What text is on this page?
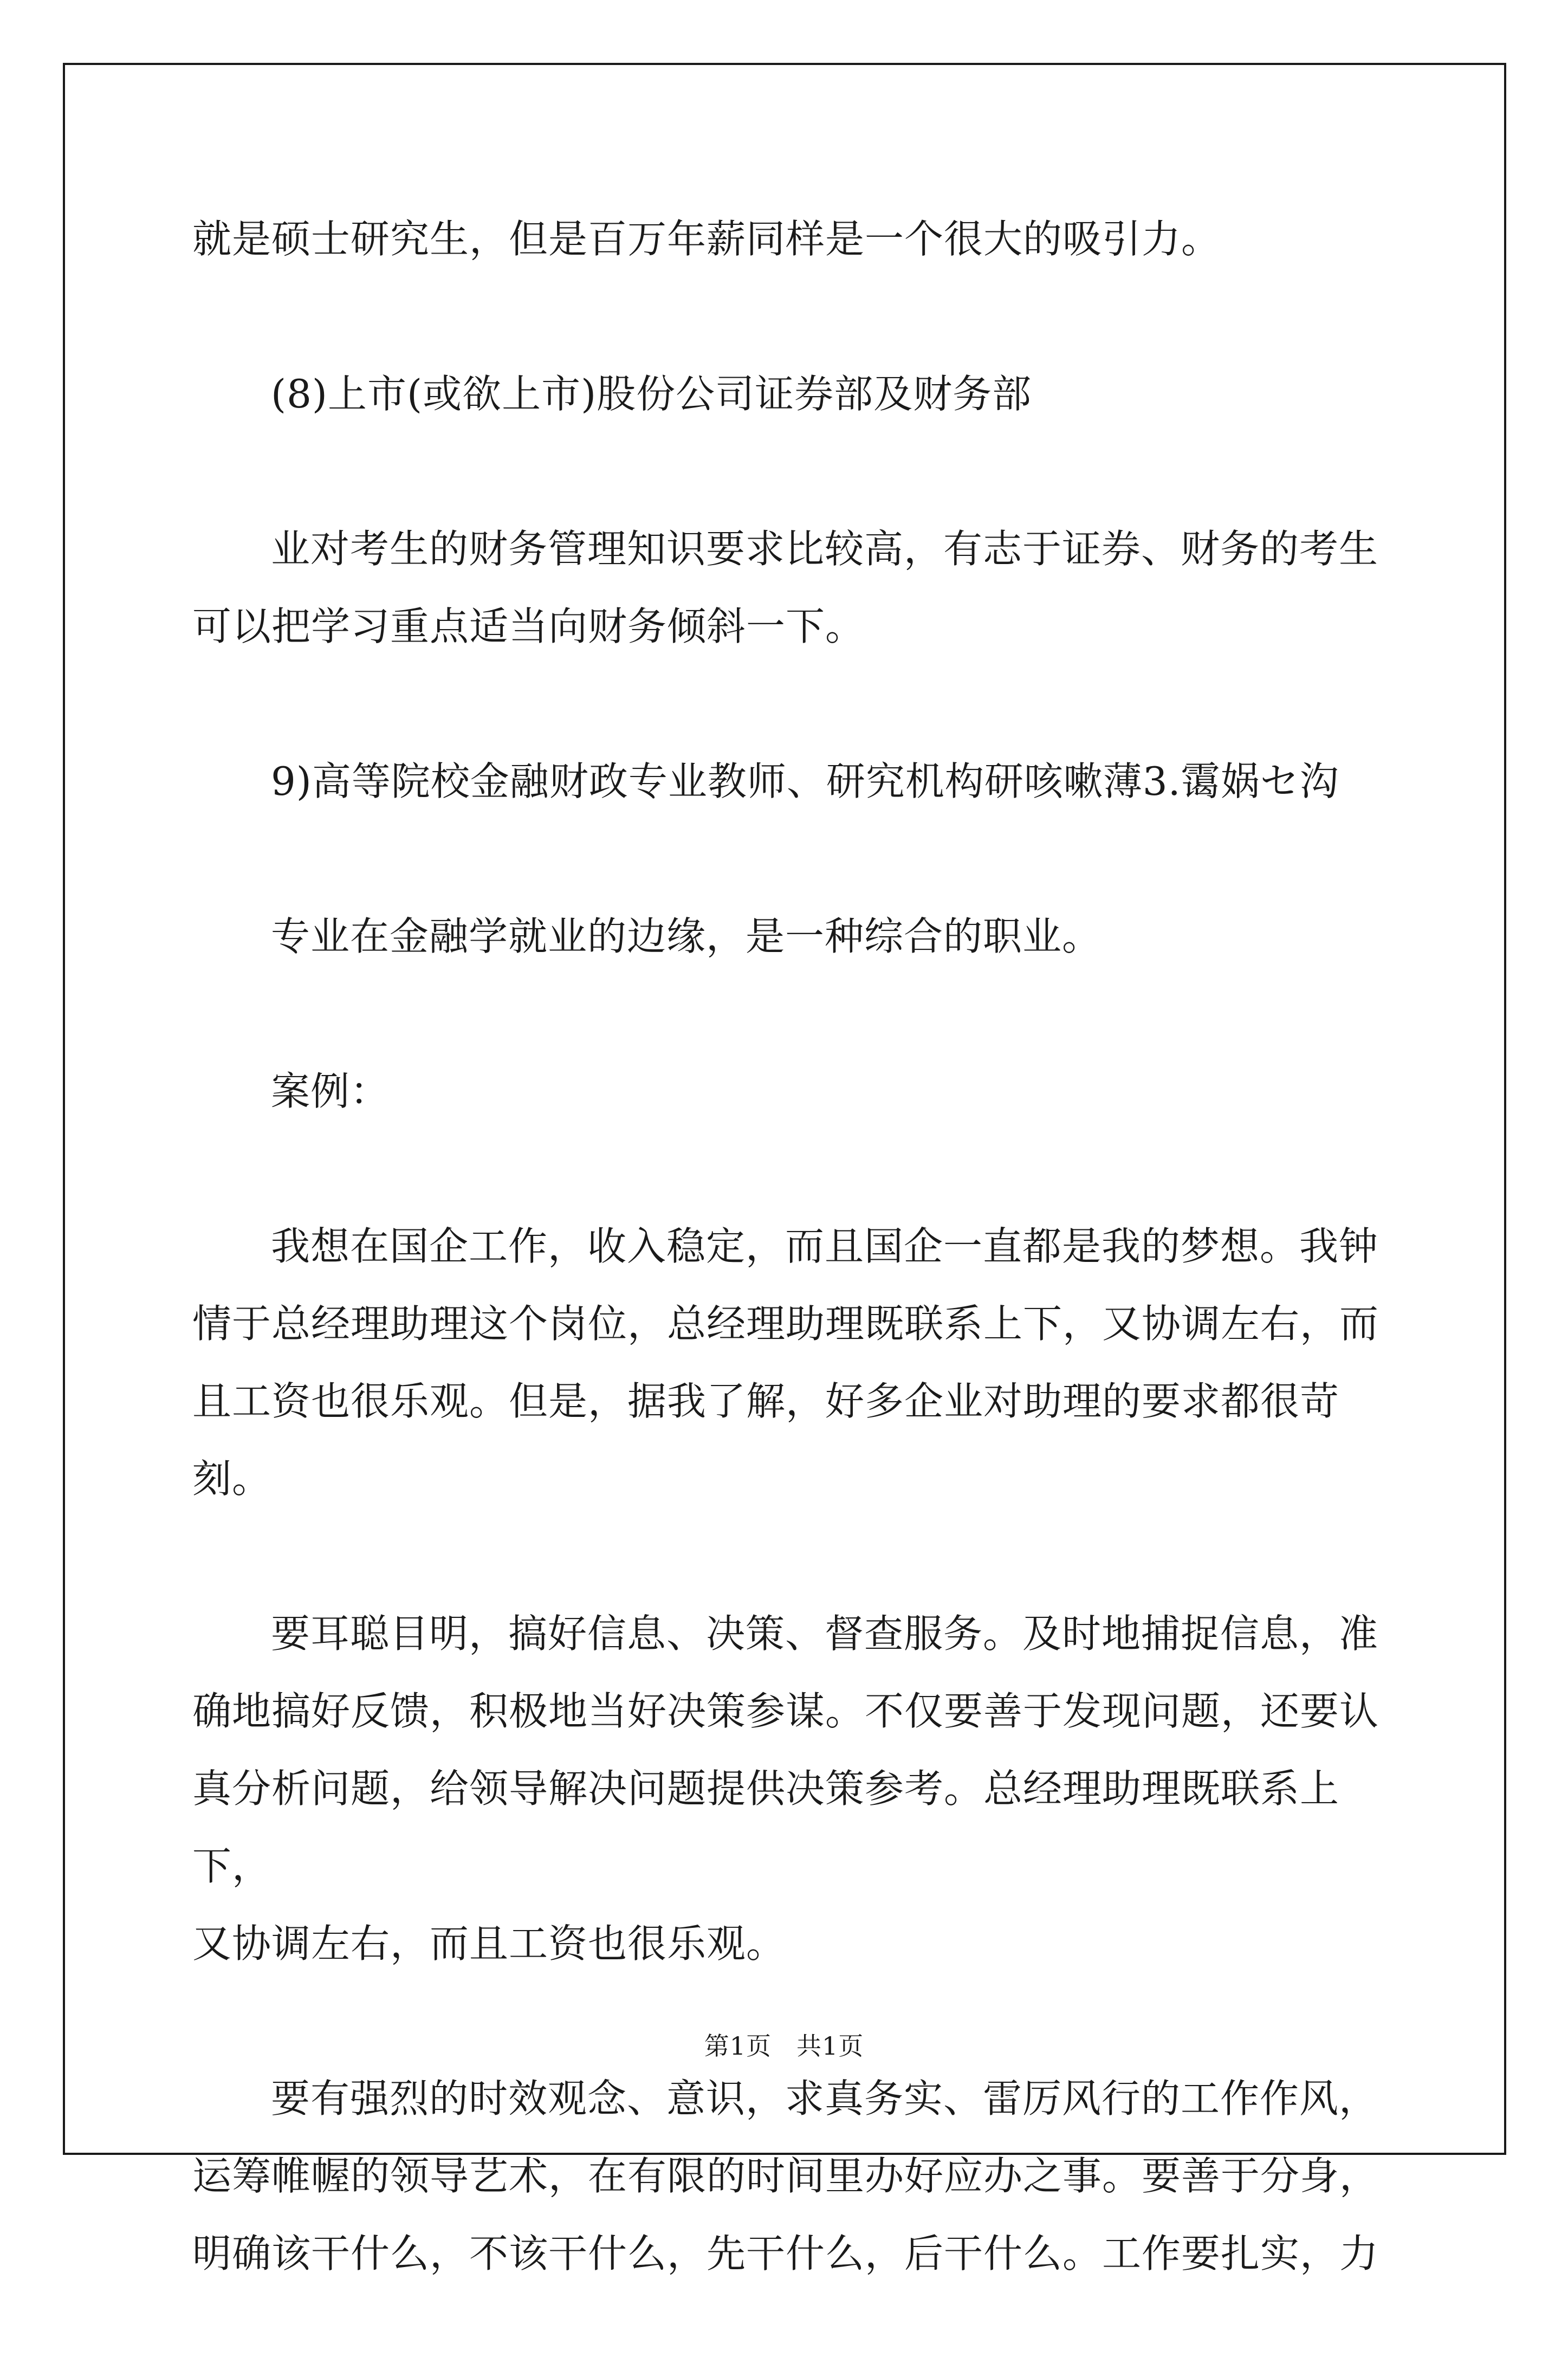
就是硕士研究生，但是百万年薪同样是一个很大的吸引力。
(8)上市(或欲上市)股份公司证券部及财务部
业对考生的财务管理知识要求比较高，有志于证券、财务的考生
可以把学习重点适当向财务倾斜一下。
9)高等院校金融财政专业教师、研究机构研咳嗽薄3.霭娲セ沟
专业在金融学就业的边缘，是一种综合的职业。
案例：
我想在国企工作，收入稳定，而且国企一直都是我的梦想。我钟
情于总经理助理这个岗位，总经理助理既联系上下，又协调左右，而
且工资也很乐观。但是，据我了解，好多企业对助理的要求都很苛刻。
要耳聪目明，搞好信息、决策、督查服务。及时地捕捉信息，准
确地搞好反馈，积极地当好决策参谋。不仅要善于发现问题，还要认
真分析问题，给领导解决问题提供决策参考。总经理助理既联系上下，
又协调左右，而且工资也很乐观。
要有强烈的时效观念、意识，求真务实、雷厉风行的工作作风，
运筹帷幄的领导艺术，在有限的时间里办好应办之事。要善于分身，
明确该干什么，不该干什么，先干什么，后干什么。工作要扎实，力
第1页 共1页
